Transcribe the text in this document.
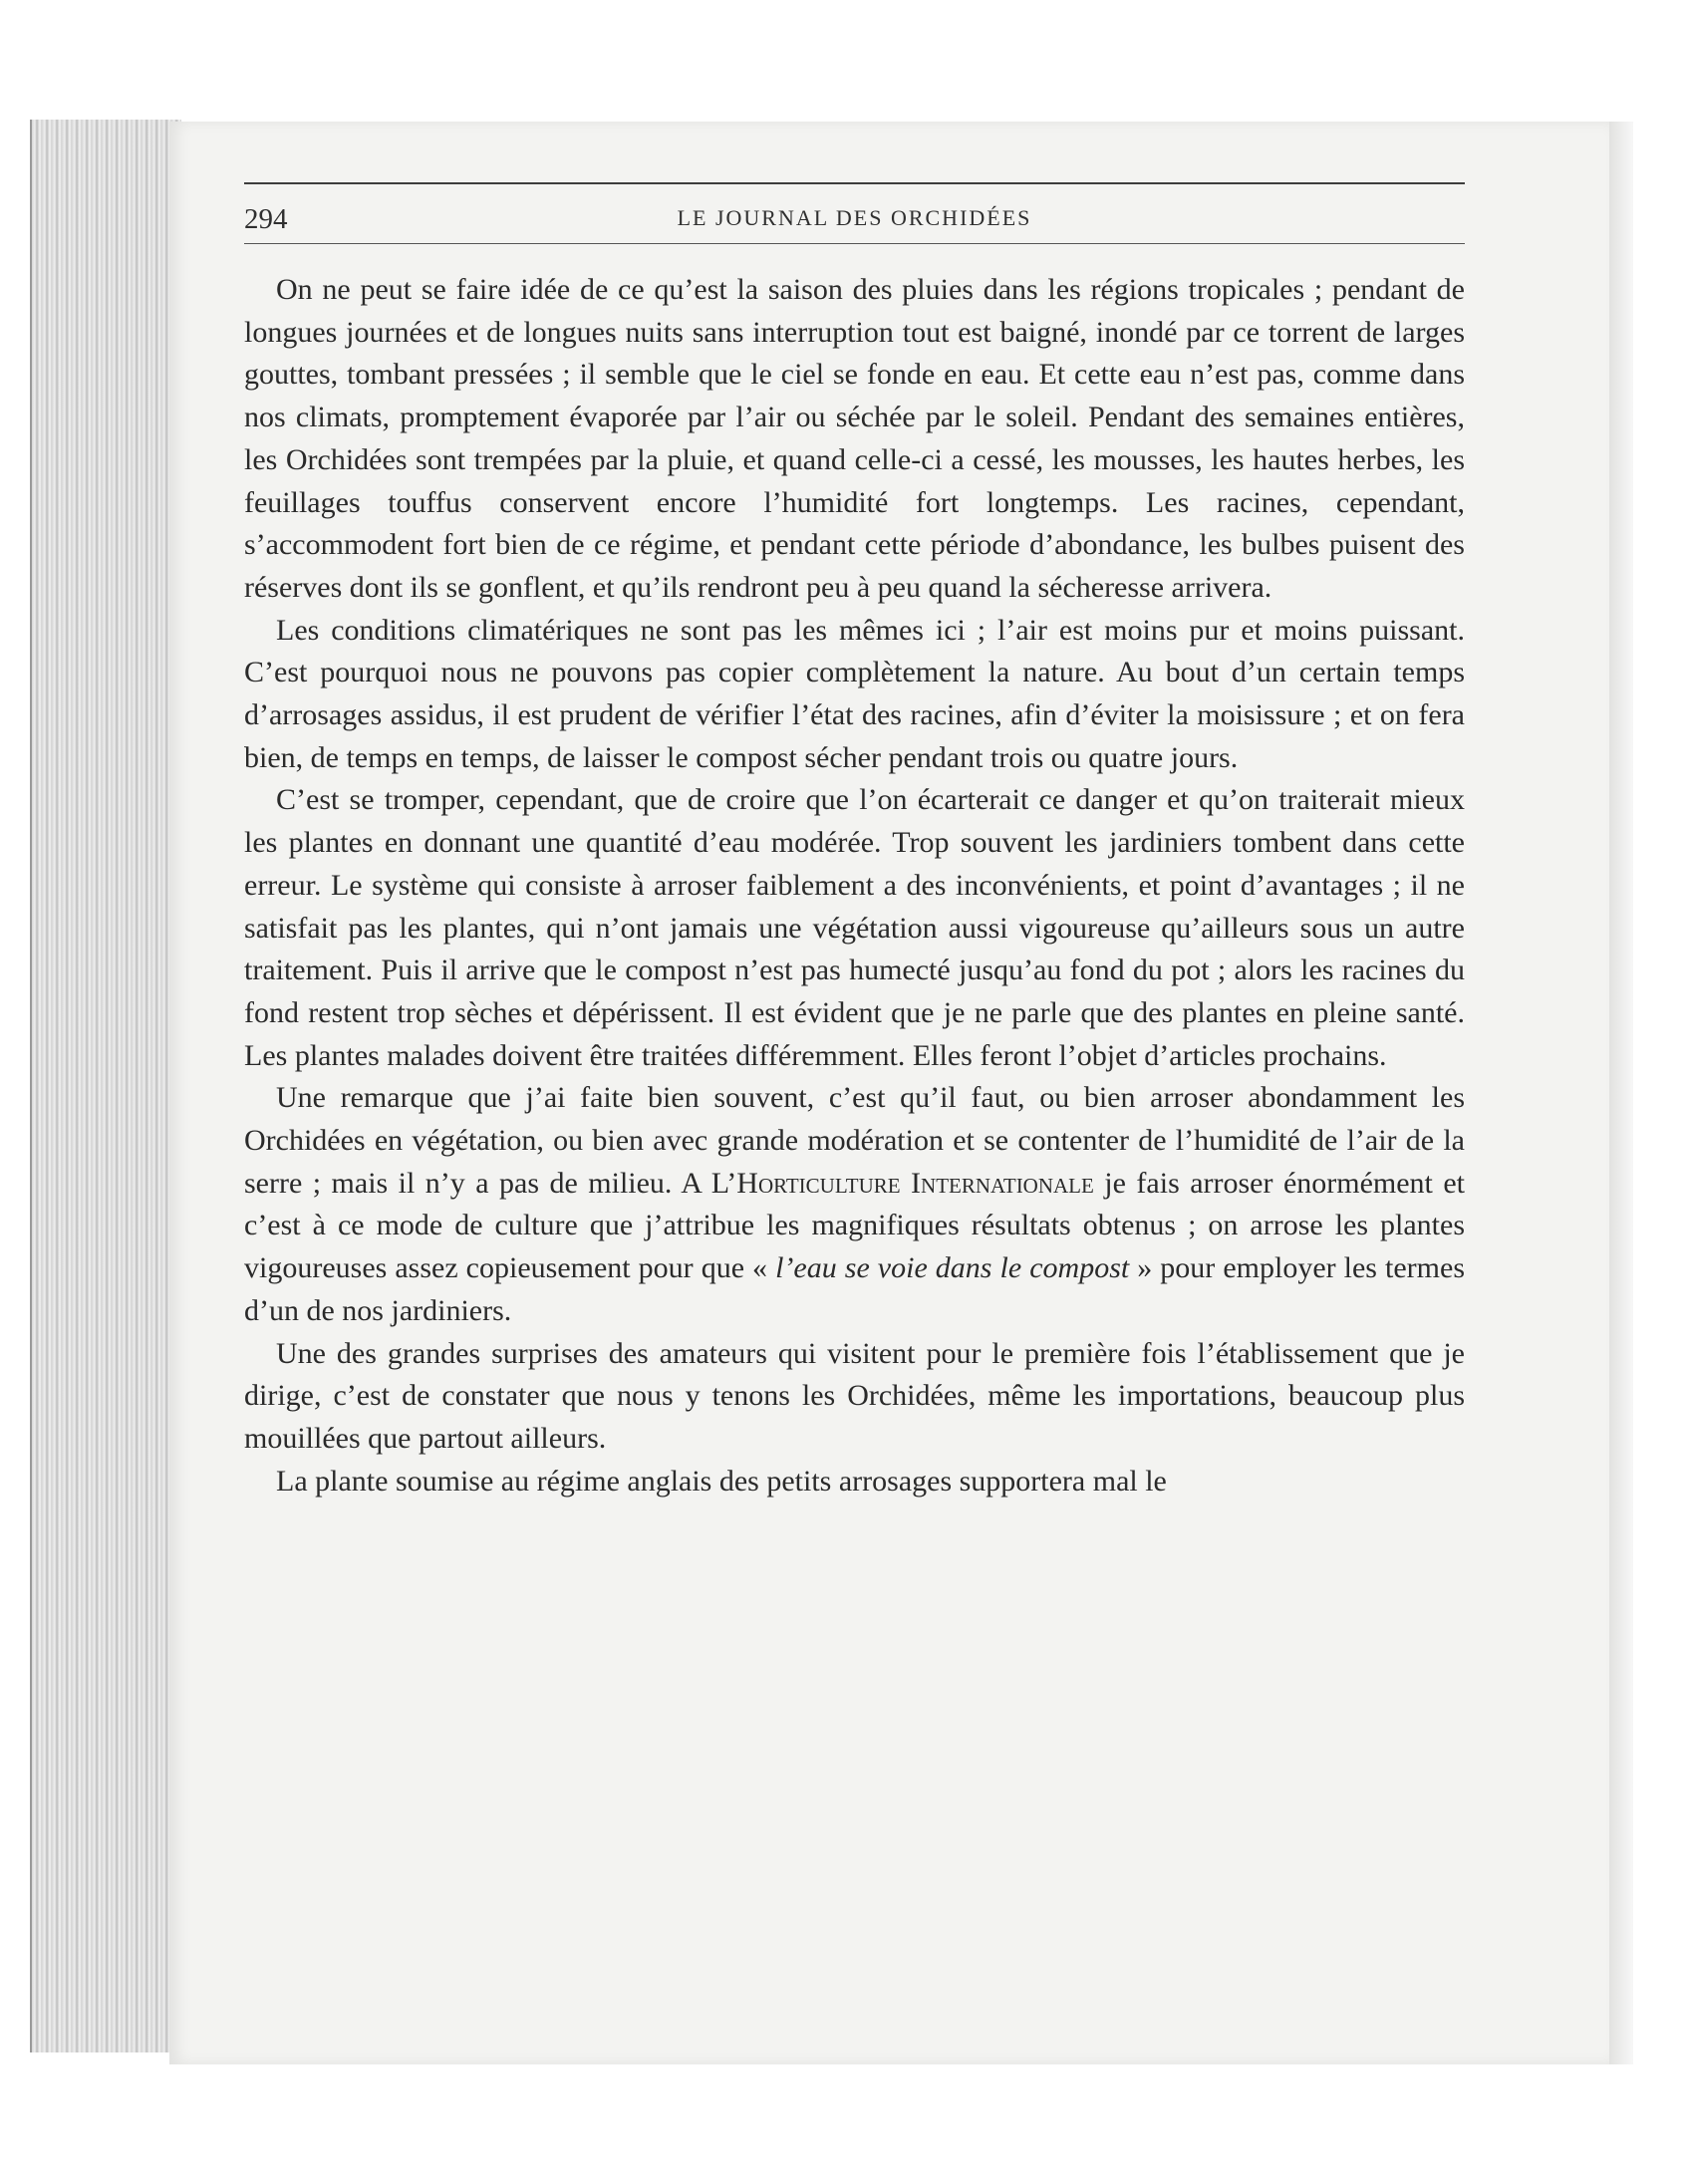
294	LE JOURNAL DES ORCHIDÉES

On ne peut se faire idée de ce qu’est la saison des pluies dans les régions tropicales ; pendant de longues journées et de longues nuits sans interruption tout est baigné, inondé par ce torrent de larges gouttes, tombant pressées ; il semble que le ciel se fonde en eau. Et cette eau n’est pas, comme dans nos climats, promptement évaporée par l’air ou séchée par le soleil. Pendant des semaines entières, les Orchidées sont trempées par la pluie, et quand celle-ci a cessé, les mousses, les hautes herbes, les feuillages touffus conservent encore l’humidité fort longtemps. Les racines, cependant, s’accommodent fort bien de ce régime, et pendant cette période d’abondance, les bulbes puisent des réserves dont ils se gonflent, et qu’ils rendront peu à peu quand la sécheresse arrivera.

Les conditions climatériques ne sont pas les mêmes ici ; l’air est moins pur et moins puissant. C’est pourquoi nous ne pouvons pas copier complètement la nature. Au bout d’un certain temps d’arrosages assidus, il est prudent de vérifier l’état des racines, afin d’éviter la moisissure ; et on fera bien, de temps en temps, de laisser le compost sécher pendant trois ou quatre jours.

C’est se tromper, cependant, que de croire que l’on écarterait ce danger et qu’on traiterait mieux les plantes en donnant une quantité d’eau modérée. Trop souvent les jardiniers tombent dans cette erreur. Le système qui consiste à arroser faiblement a des inconvénients, et point d’avantages ; il ne satisfait pas les plantes, qui n’ont jamais une végétation aussi vigoureuse qu’ailleurs sous un autre traitement. Puis il arrive que le compost n’est pas humecté jusqu’au fond du pot ; alors les racines du fond restent trop sèches et dépérissent. Il est évident que je ne parle que des plantes en pleine santé. Les plantes malades doivent être traitées différemment. Elles feront l’objet d’articles prochains.

Une remarque que j’ai faite bien souvent, c’est qu’il faut, ou bien arroser abondamment les Orchidées en végétation, ou bien avec grande modération et se contenter de l’humidité de l’air de la serre ; mais il n’y a pas de milieu. A L’Horticulture Internationale je fais arroser énormément et c’est à ce mode de culture que j’attribue les magnifiques résultats obtenus ; on arrose les plantes vigoureuses assez copieusement pour que « l’eau se voie dans le compost » pour employer les termes d’un de nos jardiniers.

Une des grandes surprises des amateurs qui visitent pour le première fois l’établissement que je dirige, c’est de constater que nous y tenons les Orchidées, même les importations, beaucoup plus mouillées que partout ailleurs.

La plante soumise au régime anglais des petits arrosages supportera mal le
